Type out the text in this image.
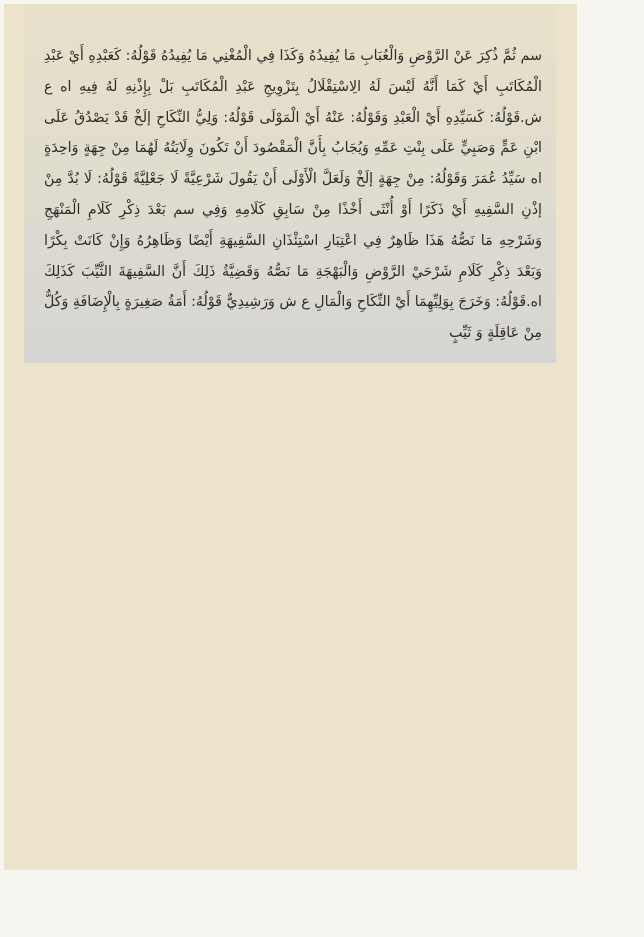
سم ثُمَّ ذُكِرَ عَنْ الرَّوْضِ وَالْعُبَابِ مَا يُفِيدُهُ وَكَذَا فِي الْمُغْنِي مَا يُفِيدُهُ قَوْلُهُ: كَعَبْدِهِ أَيْ عَبْدِ الْمُكَاتَبِ أَيْ كَمَا أَنَّهُ لَيْسَ لَهُ الِاسْتِقْلَالُ بِتَزْوِيجِ عَبْدِ الْمُكَاتَبِ بَلْ بِإِذْنِهِ لَهُ فِيهِ اه ع ش.قَوْلُهُ: كَسَيِّدِهِ أَيْ الْعَبْدِ وَقَوْلُهُ: عَنْهُ أَيْ الْمَوْلَى قَوْلُهُ: وَلِيُّ النِّكَاحِ إلَخْ قَدْ يَصْدُقُ عَلَى ابْنِ عَمٍّ وَصَبِيٍّ عَلَى بِنْتِ عَمِّهِ وَيُجَابُ بِأَنَّ الْمَقْصُودَ أَنْ تَكُونَ وِلَايَتُهُ لَهُمَا مِنْ جِهَةٍ وَاحِدَةٍ اه سَيِّدُ عُمَرَ وَقَوْلُهُ: مِنْ جِهَةٍ إلَخْ وَلَعَلَّ الْأَوْلَى أَنْ يَقُولَ شَرْعِيَّةً لَا جَعْلِيَّةً قَوْلُهُ: لَا بُدَّ مِنْ إذْنِ السَّفِيهِ أَيْ ذَكَرًا أَوْ أُنْثَى أَخْذًا مِنْ سَابِقِ كَلَامِهِ وَفِي سم بَعْدَ ذِكْرِ كَلَامِ الْمَنْهَجِ وَشَرْحِهِ مَا نَصُّهُ هَذَا ظَاهِرٌ فِي اعْتِبَارِ اسْتِئْذَانِ السَّفِيهَةِ أَيْضًا وَظَاهِرُهُ وَإِنْ كَانَتْ بِكْرًا وَبَعْدَ ذِكْرِ كَلَامِ شَرْحَيْ الرَّوْضِ وَالْبَهْجَةِ مَا نَصُّهُ وَقَضِيَّةُ ذَلِكَ أَنَّ السَّفِيهَةَ الثَّيِّبَ كَذَلِكَ اه.قَوْلُهُ: وَخَرَجَ بِوَلِيِّهِمَا أَيْ النِّكَاحِ وَالْمَالِ ع ش وَرَشِيدِيٌّ قَوْلُهُ: أَمَةُ صَغِيرَةٍ بِالْإِضَافَةِ وَكُلٌّ مِنْ عَاقِلَةٍ وَ ثَيِّبٍ
